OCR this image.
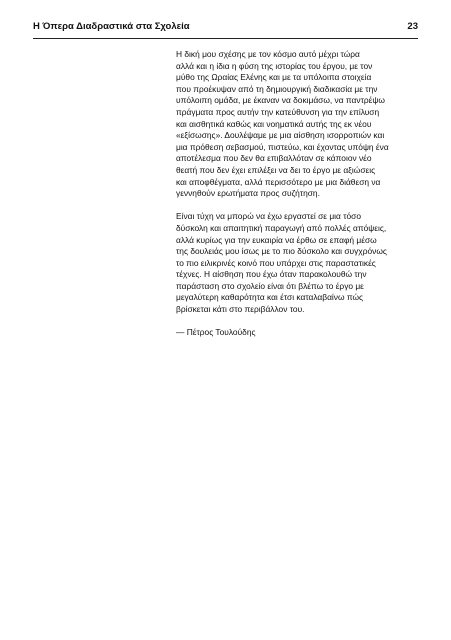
Η Όπερα Διαδραστικά στα Σχολεία	23

Η δική μου σχέσης με τον κόσμο αυτό μέχρι τώρα
αλλά και η ίδια η φύση της ιστορίας του έργου, με τον
μύθο της Ωραίας Ελένης και με τα υπόλοιπα στοιχεία
που προέκυψαν από τη δημιουργική διαδικασία με την
υπόλοιπη ομάδα, με έκαναν να δοκιμάσω, να παντρέψω
πράγματα προς αυτήν την κατεύθυνση για την επίλυση
και αισθητικά καθώς και νοηματικά αυτής της εκ νέου
«εξίσωσης». Δουλέψαμε με μια αίσθηση ισορροπιών και
μια πρόθεση σεβασμού, πιστεύω, και έχοντας υπόψη ένα
αποτέλεσμα που δεν θα επιβαλλόταν σε κάποιον νέο
θεατή που δεν έχει επιλέξει να δει το έργο με αξιώσεις
και αποφθέγματα, αλλά περισσότερο με μια διάθεση να
γεννηθούν ερωτήματα προς συζήτηση.

Είναι τύχη να μπορώ να έχω εργαστεί σε μια τόσο
δύσκολη και απαιτητική παραγωγή από πολλές απόψεις,
αλλά κυρίως για την ευκαιρία να έρθω σε επαφή μέσω
της δουλειάς μου ίσως με το πιο δύσκολο και συγχρόνως
το πιο ειλικρινές κοινό που υπάρχει στις παραστατικές
τέχνες. Η αίσθηση που έχω όταν παρακολουθώ την
παράσταση στο σχολείο είναι ότι βλέπω το έργο με
μεγαλύτερη καθαρότητα και έτσι καταλαβαίνω πώς
βρίσκεται κάτι στο περιβάλλον του.

— Πέτρος Τουλούδης
